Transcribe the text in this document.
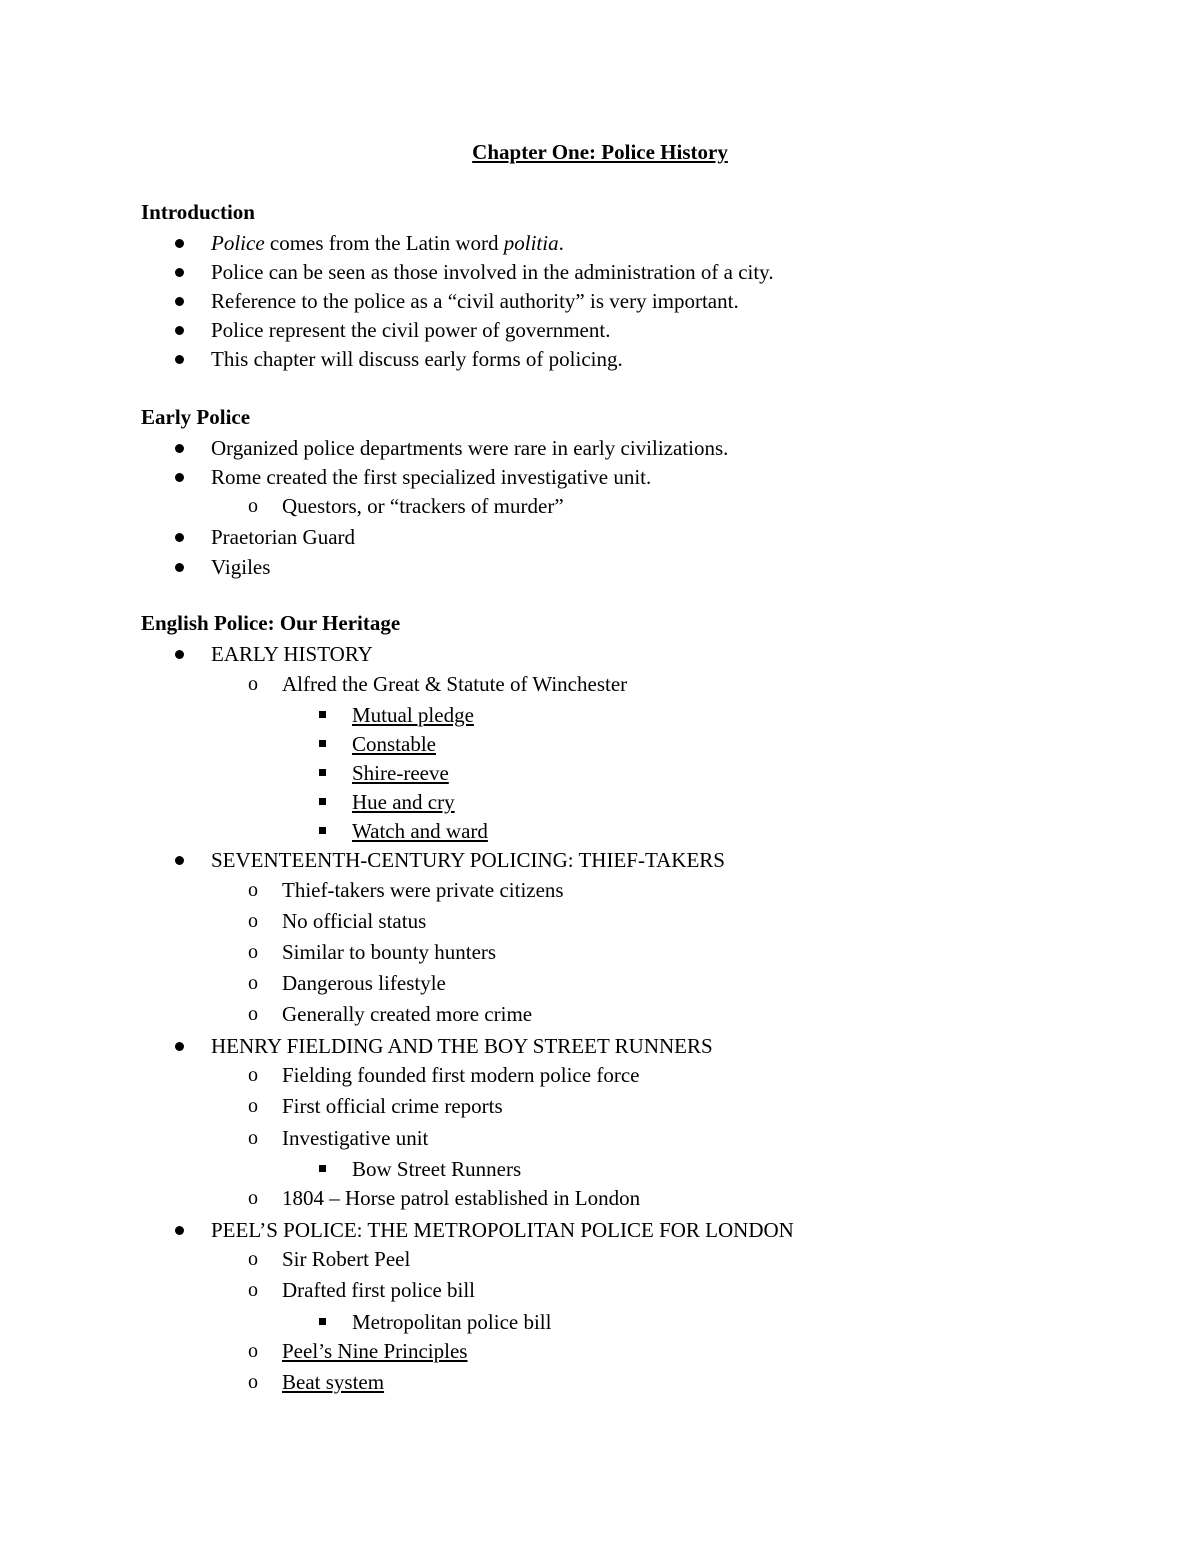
Chapter One: Police History
Introduction
Police comes from the Latin word politia.
Police can be seen as those involved in the administration of a city.
Reference to the police as a “civil authority” is very important.
Police represent the civil power of government.
This chapter will discuss early forms of policing.
Early Police
Organized police departments were rare in early civilizations.
Rome created the first specialized investigative unit.
o Questors, or “trackers of murder”
Praetorian Guard
Vigiles
English Police: Our Heritage
EARLY HISTORY
o Alfred the Great & Statute of Winchester
Mutual pledge
Constable
Shire-reeve
Hue and cry
Watch and ward
SEVENTEENTH-CENTURY POLICING: THIEF-TAKERS
o Thief-takers were private citizens
o No official status
o Similar to bounty hunters
o Dangerous lifestyle
o Generally created more crime
HENRY FIELDING AND THE BOY STREET RUNNERS
o Fielding founded first modern police force
o First official crime reports
o Investigative unit
Bow Street Runners
o 1804 – Horse patrol established in London
PEEL’S POLICE: THE METROPOLITAN POLICE FOR LONDON
o Sir Robert Peel
o Drafted first police bill
Metropolitan police bill
o Peel’s Nine Principles
o Beat system
